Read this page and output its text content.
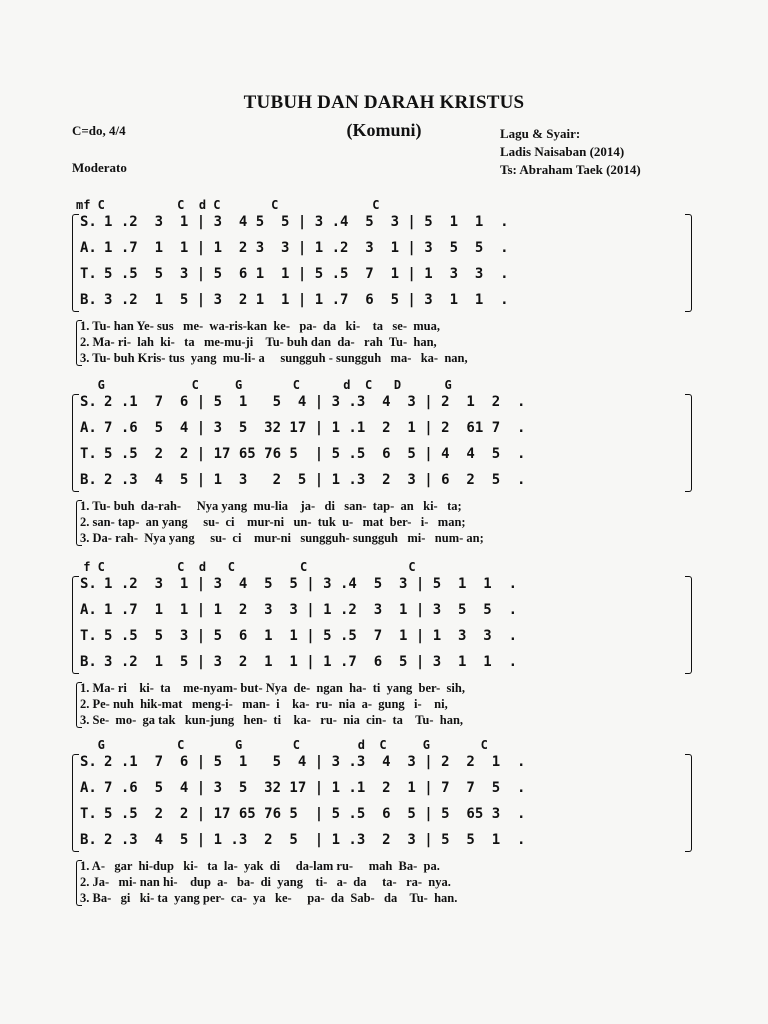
TUBUH DAN DARAH KRISTUS
(Komuni)
C=do, 4/4
Moderato
Lagu & Syair:
Ladis Naisaban (2014)
Ts: Abraham Taek (2014)
mf C          C  d C       C             C
S. 1 .2  3  1 | 3  4 5  5 | 3 .4  5  3 | 5  1  1  .
A. 1 .7  1  1 | 1  2 3  3 | 1 .2  3  1 | 3  5  5  .
T. 5 .5  5  3 | 5  6 1  1 | 5 .5  7  1 | 1  3  3  .
B. 3 .2  1  5 | 3  2 1  1 | 1 .7  6  5 | 3  1  1  .
1. Tu- han Ye- sus   me-  wa-ris-kan  ke-   pa-  da   ki-    ta   se-  mua,
2. Ma- ri-  lah  ki-   ta   me-mu-ji    Tu- buh dan  da-   rah  Tu-  han,
3. Tu- buh Kris- tus  yang  mu-li- a     sungguh - sungguh   ma-   ka-  nan,
G            C     G       C      d  C   D      G
S. 2 .1  7  6 | 5  1   5  4 | 3 .3  4  3 | 2  1  2  .
A. 7 .6  5  4 | 3  5  32 17 | 1 .1  2  1 | 2  61 7  .
T. 5 .5  2  2 | 17 65 76 5  | 5 .5  6  5 | 4  4  5  .
B. 2 .3  4  5 | 1  3   2  5 | 1 .3  2  3 | 6  2  5  .
1. Tu- buh  da-rah-     Nya yang  mu-lia    ja-   di   san-  tap-  an   ki-   ta;
2. san- tap-  an yang     su-  ci    mur-ni   un-  tuk  u-   mat  ber-   i-   man;
3. Da- rah-  Nya yang     su-  ci    mur-ni   sungguh- sungguh   mi-   num- an;
f C          C  d   C         C              C
S. 1 .2  3  1 | 3  4  5  5 | 3 .4  5  3 | 5  1  1  .
A. 1 .7  1  1 | 1  2  3  3 | 1 .2  3  1 | 3  5  5  .
T. 5 .5  5  3 | 5  6  1  1 | 5 .5  7  1 | 1  3  3  .
B. 3 .2  1  5 | 3  2  1  1 | 1 .7  6  5 | 3  1  1  .
1. Ma- ri    ki-  ta    me-nyam- but- Nya  de-  ngan  ha-  ti  yang  ber-  sih,
2. Pe- nuh  hik-mat   meng-i-   man-  i    ka-  ru-  nia  a-  gung   i-    ni,
3. Se-  mo-  ga tak   kun-jung   hen-  ti    ka-   ru-  nia  cin-  ta    Tu-  han,
G          C       G       C        d  C     G       C
S. 2 .1  7  6 | 5  1   5  4 | 3 .3  4  3 | 2  2  1  .
A. 7 .6  5  4 | 3  5  32 17 | 1 .1  2  1 | 7  7  5  .
T. 5 .5  2  2 | 17 65 76 5  | 5 .5  6  5 | 5  65 3  .
B. 2 .3  4  5 | 1 .3  2  5  | 1 .3  2  3 | 5  5  1  .
1. A-   gar  hi-dup   ki-   ta  la-  yak  di     da-lam ru-     mah  Ba-  pa.
2. Ja-   mi- nan hi-    dup  a-   ba-  di  yang    ti-   a-  da     ta-   ra-  nya.
3. Ba-   gi   ki- ta  yang per-  ca-  ya   ke-     pa-  da  Sab-   da    Tu-  han.
